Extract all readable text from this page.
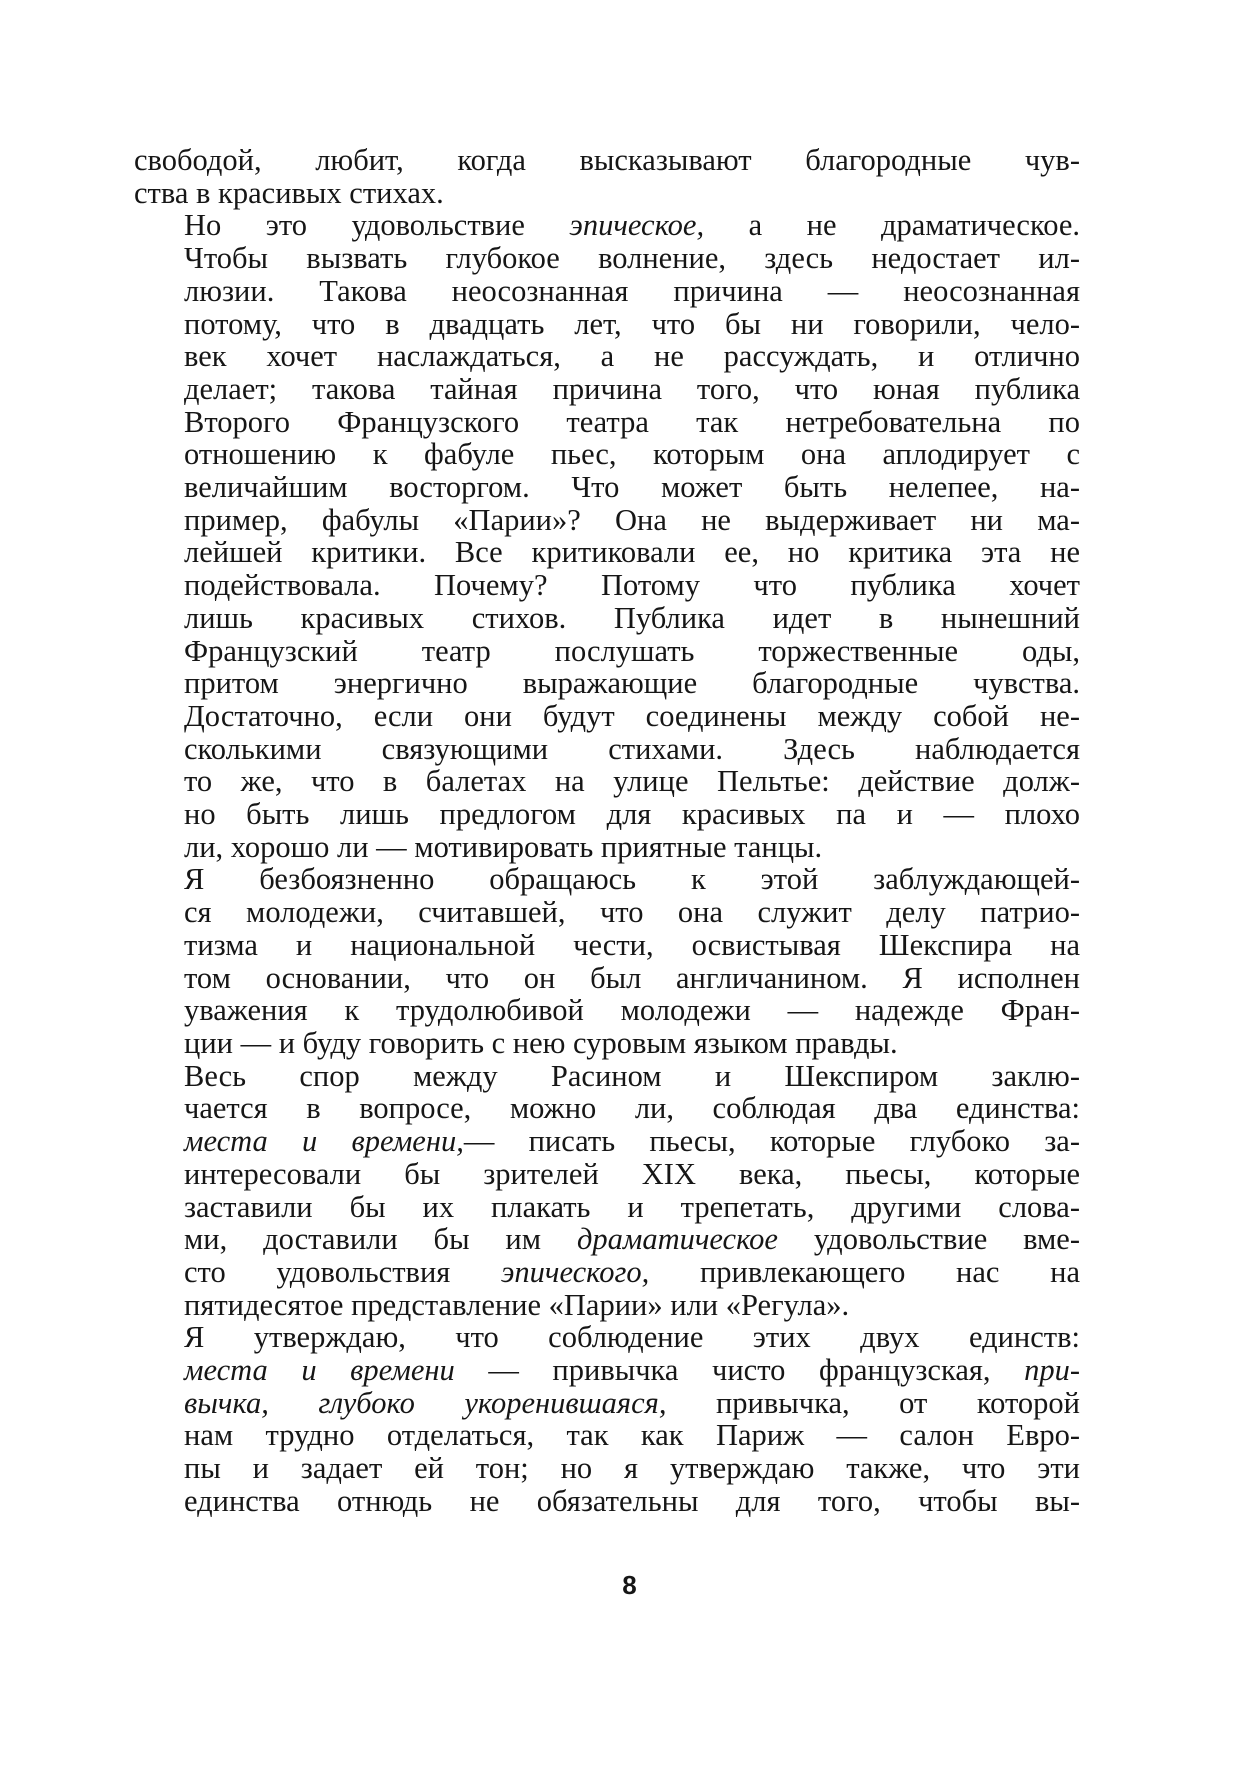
свободой, любит, когда высказывают благородные чув-
ства в красивых стихах.
Но это удовольствие эпическое, а не драматическое.
Чтобы вызвать глубокое волнение, здесь недостает ил-
люзии. Такова неосознанная причина — неосознанная
потому, что в двадцать лет, что бы ни говорили, чело-
век хочет наслаждаться, а не рассуждать, и отлично
делает; такова тайная причина того, что юная публика
Второго Французского театра так нетребовательна по
отношению к фабуле пьес, которым она аплодирует с
величайшим восторгом. Что может быть нелепее, на-
пример, фабулы «Парии»? Она не выдерживает ни ма-
лейшей критики. Все критиковали ее, но критика эта не
подействовала. Почему? Потому что публика хочет
лишь красивых стихов. Публика идет в нынешний
Французский театр послушать торжественные оды,
притом энергично выражающие благородные чувства.
Достаточно, если они будут соединены между собой не-
сколькими связующими стихами. Здесь наблюдается
то же, что в балетах на улице Пельтье: действие долж-
но быть лишь предлогом для красивых па и — плохо
ли, хорошо ли — мотивировать приятные танцы.
Я безбоязненно обращаюсь к этой заблуждающей-
ся молодежи, считавшей, что она служит делу патрио-
тизма и национальной чести, освистывая Шекспира на
том основании, что он был англичанином. Я исполнен
уважения к трудолюбивой молодежи — надежде Фран-
ции — и буду говорить с нею суровым языком правды.
Весь спор между Расином и Шекспиром заклю-
чается в вопросе, можно ли, соблюдая два единства:
места и времени,— писать пьесы, которые глубоко за-
интересовали бы зрителей XIX века, пьесы, которые
заставили бы их плакать и трепетать, другими слова-
ми, доставили бы им драматическое удовольствие вме-
сто удовольствия эпического, привлекающего нас на
пятидесятое представление «Парии» или «Регула».
Я утверждаю, что соблюдение этих двух единств:
места и времени — привычка чисто французская, при-
вычка, глубоко укоренившаяся, привычка, от которой
нам трудно отделаться, так как Париж — салон Евро-
пы и задает ей тон; но я утверждаю также, что эти
единства отнюдь не обязательны для того, чтобы вы-
8
